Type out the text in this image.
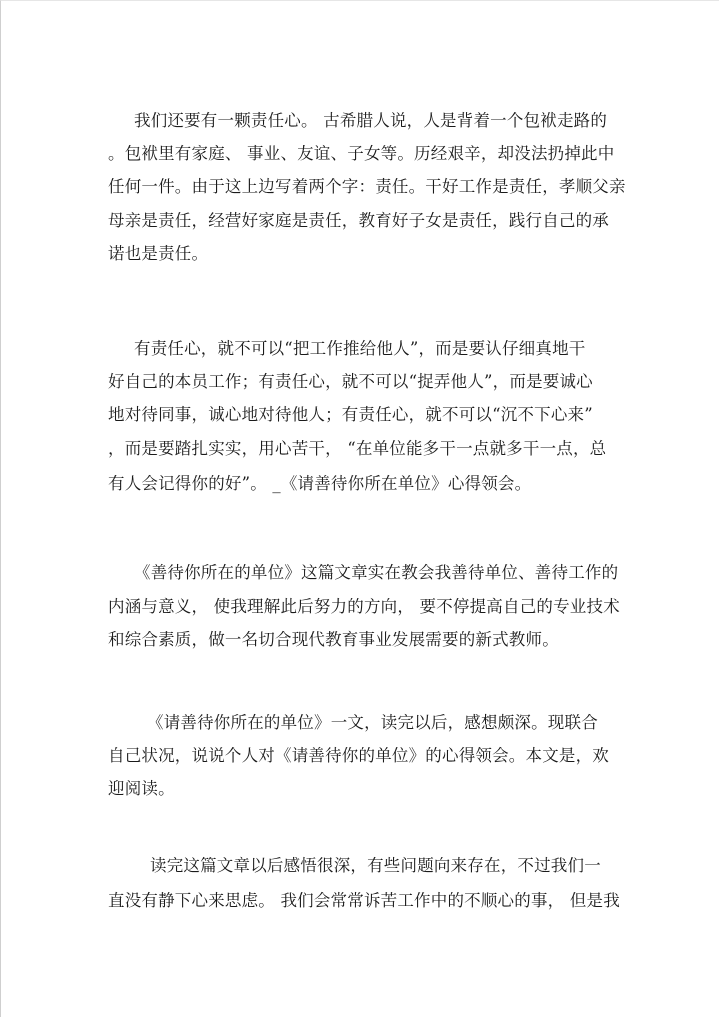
我们还要有一颗责任心。 古希腊人说，人是背着一个包袱走路的
。包袱里有家庭、 事业、友谊、子女等。历经艰辛，却没法扔掉此中
任何一件。由于这上边写着两个字：责任。干好工作是责任，孝顺父亲
母亲是责任，经营好家庭是责任，教育好子女是责任，践行自己的承
诺也是责任。
有责任心，就不可以“把工作推给他人”，而是要认仔细真地干
好自己的本员工作；有责任心，就不可以“捉弄他人”，而是要诚心
地对待同事，诚心地对待他人；有责任心，就不可以“沉不下心来”
，而是要踏扎实实，用心苦干， “在单位能多干一点就多干一点，总
有人会记得你的好”。 _《请善待你所在单位》心得领会。
《善待你所在的单位》这篇文章实在教会我善待单位、善待工作的
内涵与意义， 使我理解此后努力的方向， 要不停提高自己的专业技术
和综合素质，做一名切合现代教育事业发展需要的新式教师。
《请善待你所在的单位》一文，读完以后，感想颇深。现联合
自己状况，说说个人对《请善待你的单位》的心得领会。本文是，欢
迎阅读。
读完这篇文章以后感悟很深，有些问题向来存在，不过我们一
直没有静下心来思虑。 我们会常常诉苦工作中的不顺心的事， 但是我
